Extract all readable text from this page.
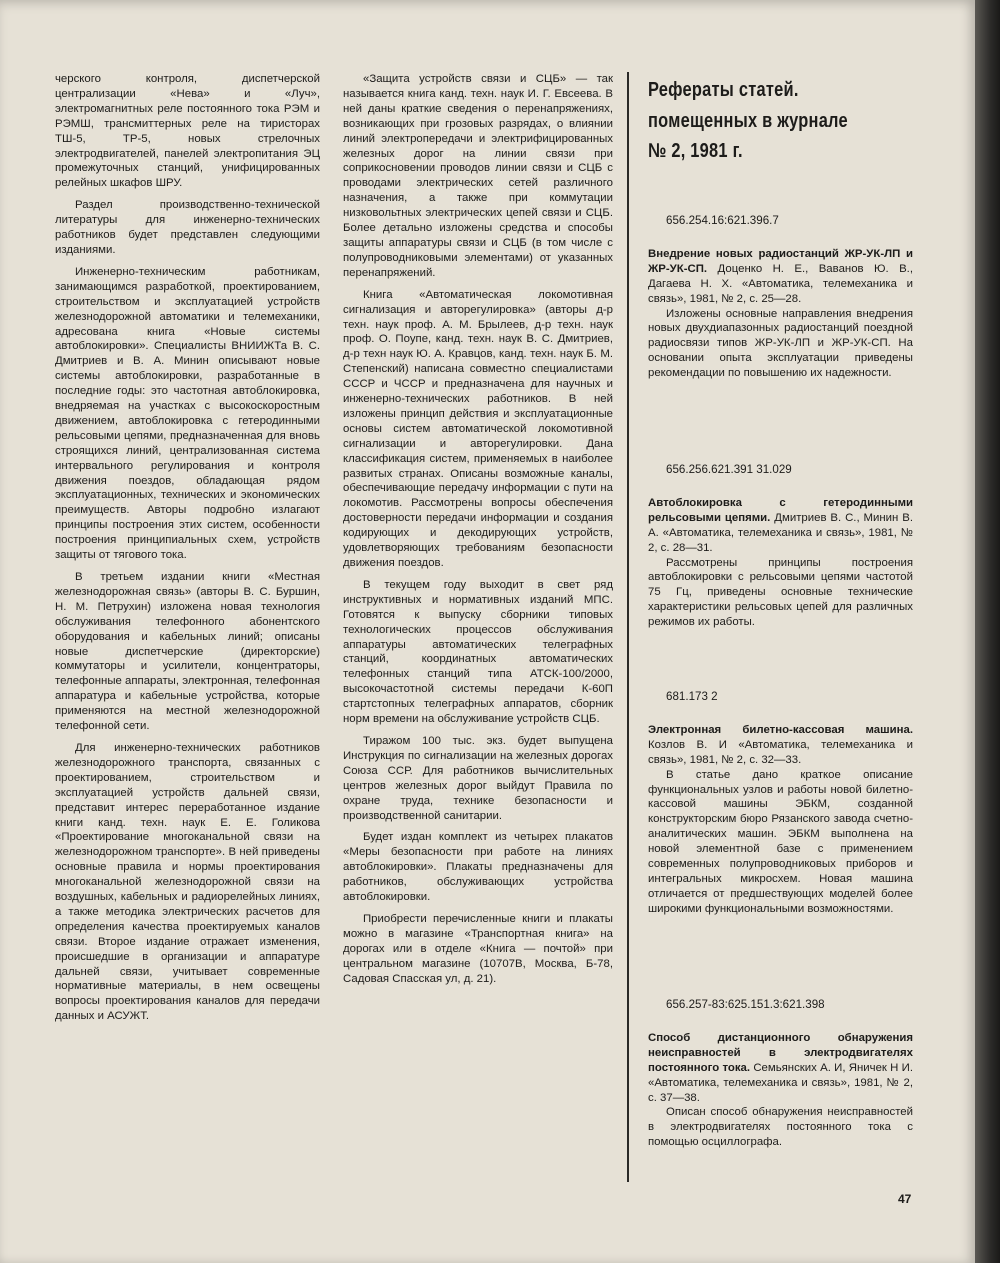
черского контроля, диспетчерской централизации «Нева» и «Луч», электромагнитных реле постоянного тока РЭМ и РЭМШ, трансмиттерных реле на тиристорах ТШ-5, ТР-5, новых стрелочных электродвигателей, панелей электропитания ЭЦ промежуточных станций, унифицированных релейных шкафов ШРУ.

Раздел производственно-технической литературы для инженерно-технических работников будет представлен следующими изданиями.

Инженерно-техническим работникам, занимающимся разработкой, проектированием, строительством и эксплуатацией устройств железнодорожной автоматики и телемеханики, адресована книга «Новые системы автоблокировки». Специалисты ВНИИЖТа В. С. Дмитриев и В. А. Минин описывают новые системы автоблокировки, разработанные в последние годы: это частотная автоблокировка, внедряемая на участках с высокоскоростным движением, автоблокировка с гетеродинными рельсовыми цепями, предназначенная для вновь строящихся линий, централизованная система интервального регулирования и контроля движения поездов, обладающая рядом эксплуатационных, технических и экономических преимуществ. Авторы подробно излагают принципы построения этих систем, особенности построения принципиальных схем, устройств защиты от тягового тока.

В третьем издании книги «Местная железнодорожная связь» (авторы В. С. Буршин, Н. М. Петрухин) изложена новая технология обслуживания телефонного абонентского оборудования и кабельных линий; описаны новые диспетчерские (директорские) коммутаторы и усилители, концентраторы, телефонные аппараты, электронная, телефонная аппаратура и кабельные устройства, которые применяются на местной железнодорожной телефонной сети.

Для инженерно-технических работников железнодорожного транспорта, связанных с проектированием, строительством и эксплуатацией устройств дальней связи, представит интерес переработанное издание книги канд. техн. наук Е. Е. Голикова «Проектирование многоканальной связи на железнодорожном транспорте». В ней приведены основные правила и нормы проектирования многоканальной железнодорожной связи на воздушных, кабельных и радиорелейных линиях, а также методика электрических расчетов для определения качества проектируемых каналов связи. Второе издание отражает изменения, происшедшие в организации и аппаратуре дальней связи, учитывает современные нормативные материалы, в нем освещены вопросы проектирования каналов для передачи данных и АСУЖТ.

«Защита устройств связи и СЦБ» — так называется книга канд. техн. наук И. Г. Евсеева. В ней даны краткие сведения о перенапряжениях, возникающих при грозовых разрядах, о влиянии линий электропередачи и электрифицированных железных дорог на линии связи при соприкосновении проводов линии связи и СЦБ с проводами электрических сетей различного назначения, а также при коммутации низковольтных электрических цепей связи и СЦБ. Более детально изложены средства и способы защиты аппаратуры связи и СЦБ (в том числе с полупроводниковыми элементами) от указанных перенапряжений.

Книга «Автоматическая локомотивная сигнализация и авторегулировка» (авторы д-р техн. наук проф. А. М. Брылеев, д-р техн. наук проф. О. Поупе, канд. техн. наук В. С. Дмитриев, д-р техн наук Ю. А. Кравцов, канд. техн. наук Б. М. Степенский) написана совместно специалистами СССР и ЧССР и предназначена для научных и инженерно-технических работников. В ней изложены принцип действия и эксплуатационные основы систем автоматической локомотивной сигнализации и авторегулировки. Дана классификация систем, применяемых в наиболее развитых странах. Описаны возможные каналы, обеспечивающие передачу информации с пути на локомотив. Рассмотрены вопросы обеспечения достоверности передачи информации и создания кодирующих и декодирующих устройств, удовлетворяющих требованиям безопасности движения поездов.

В текущем году выходит в свет ряд инструктивных и нормативных изданий МПС. Готовятся к выпуску сборники типовых технологических процессов обслуживания аппаратуры автоматических телеграфных станций, координатных автоматических телефонных станций типа АТСК-100/2000, высокочастотной системы передачи К-60П стартстопных телеграфных аппаратов, сборник норм времени на обслуживание устройств СЦБ.

Тиражом 100 тыс. экз. будет выпущена Инструкция по сигнализации на железных дорогах Союза ССР. Для работников вычислительных центров железных дорог выйдут Правила по охране труда, технике безопасности и производственной санитарии.

Будет издан комплект из четырех плакатов «Меры безопасности при работе на линиях автоблокировки». Плакаты предназначены для работников, обслуживающих устройства автоблокировки.

Приобрести перечисленные книги и плакаты можно в магазине «Транспортная книга» на дорогах или в отделе «Книга — почтой» при центральном магазине (10707В, Москва, Б-78, Садовая Спасская ул, д. 21).

Рефераты статей.
помещенных в журнале
№ 2, 1981 г.

656.254.16:621.396.7

Внедрение новых радиостанций ЖР-УК-ЛП и ЖР-УК-СП. Доценко Н. Е., Ваванов Ю. В., Дагаева Н. Х. «Автоматика, телемеханика и связь», 1981, № 2, с. 25—28.

Изложены основные направления внедрения новых двухдиапазонных радиостанций поездной радиосвязи типов ЖР-УК-ЛП и ЖР-УК-СП. На основании опыта эксплуатации приведены рекомендации по повышению их надежности.

656.256.621.391 31.029

Автоблокировка с гетеродинными рельсовыми цепями. Дмитриев В. С., Минин В. А. «Автоматика, телемеханика и связь», 1981, № 2, с. 28—31.

Рассмотрены принципы построения автоблокировки с рельсовыми цепями частотой 75 Гц, приведены основные технические характеристики рельсовых цепей для различных режимов их работы.

681.173 2

Электронная билетно-кассовая машина. Козлов В. И «Автоматика, телемеханика и связь», 1981, № 2, с. 32—33.

В статье дано краткое описание функциональных узлов и работы новой билетно-кассовой машины ЭБКМ, созданной конструкторским бюро Рязанского завода счетно-аналитических машин. ЭБКМ выполнена на новой элементной базе с применением современных полупроводниковых приборов и интегральных микросхем. Новая машина отличается от предшествующих моделей более широкими функциональными возможностями.

656.257-83:625.151.3:621.398

Способ дистанционного обнаружения неисправностей в электродвигателях постоянного тока. Семьянских А. И, Яничек Н И. «Автоматика, телемеханика и связь», 1981, № 2, с. 37—38.

Описан способ обнаружения неисправностей в электродвигателях постоянного тока с помощью осциллографа.

47
